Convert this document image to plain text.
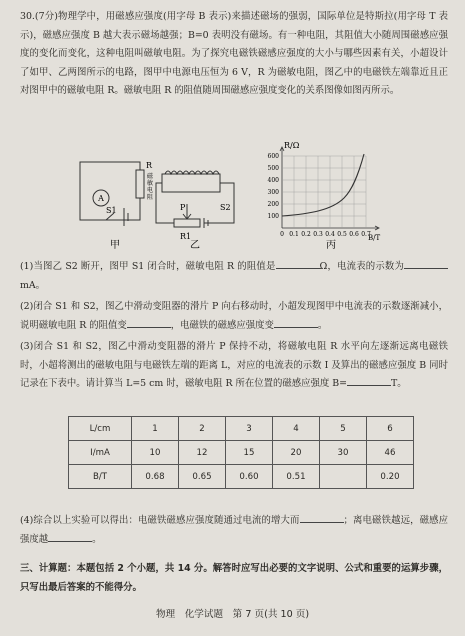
30.(7分)物理学中，用磁感应强度(用字母 B 表示)来描述磁场的强弱，国际单位是特斯拉(用字母 T 表示)，磁感应强度 B 越大表示磁场越强；B=0 表明没有磁场。有一种电阻，其阻值大小随周围磁感应强度的变化而变化，这种电阻叫磁敏电阻。为了探究电磁铁磁感应强度的大小与哪些因素有关，小超设计了如甲、乙两图所示的电路，图甲中电源电压恒为 6 V，R 为磁敏电阻，图乙中的电磁铁左端靠近且正对图甲中的磁敏电阻 R。磁敏电阻 R 的阻值随周围磁感应强度变化的关系图像如图丙所示。

A
S1
R
磁
敏
电
阻
P
R1
S2
R/Ω
B/T
100
200
300
400
500
600
0 0.1 0.2 0.3 0.4 0.5 0.6 0.7
甲	乙	丙

(1)当图乙 S2 断开，图甲 S1 闭合时，磁敏电阻 R 的阻值是	Ω，电流表的示数为mA。

(2)闭合 S1 和 S2，图乙中滑动变阻器的滑片 P 向右移动时，小超发现图甲中电流表的示数逐渐减小，说明磁敏电阻 R 的阻值变	，电磁铁的磁感应强度变	。

(3)闭合 S1 和 S2，图乙中滑动变阻器的滑片 P 保持不动，将磁敏电阻 R 水平向左逐渐远离电磁铁时，小超将测出的磁敏电阻与电磁铁左端的距离 L，对应的电流表的示数 I 及算出的磁感应强度 B 同时记录在下表中。请计算当 L=5 cm 时，磁敏电阻 R 所在位置的磁感应强度 B=	T。

L/cm	1	2	3	4	5	6
I/mA	10	12	15	20	30	46
B/T	0.68	0.65	0.60	0.51		0.20

(4)综合以上实验可以得出：电磁铁磁感应强度随通过电流的增大而	；离电磁铁越远，磁感应强度越	。

三、计算题：本题包括 2 个小题，共 14 分。解答时应写出必要的文字说明、公式和重要的运算步骤，只写出最后答案的不能得分。

物理　化学试题　第 7 页(共 10 页)
